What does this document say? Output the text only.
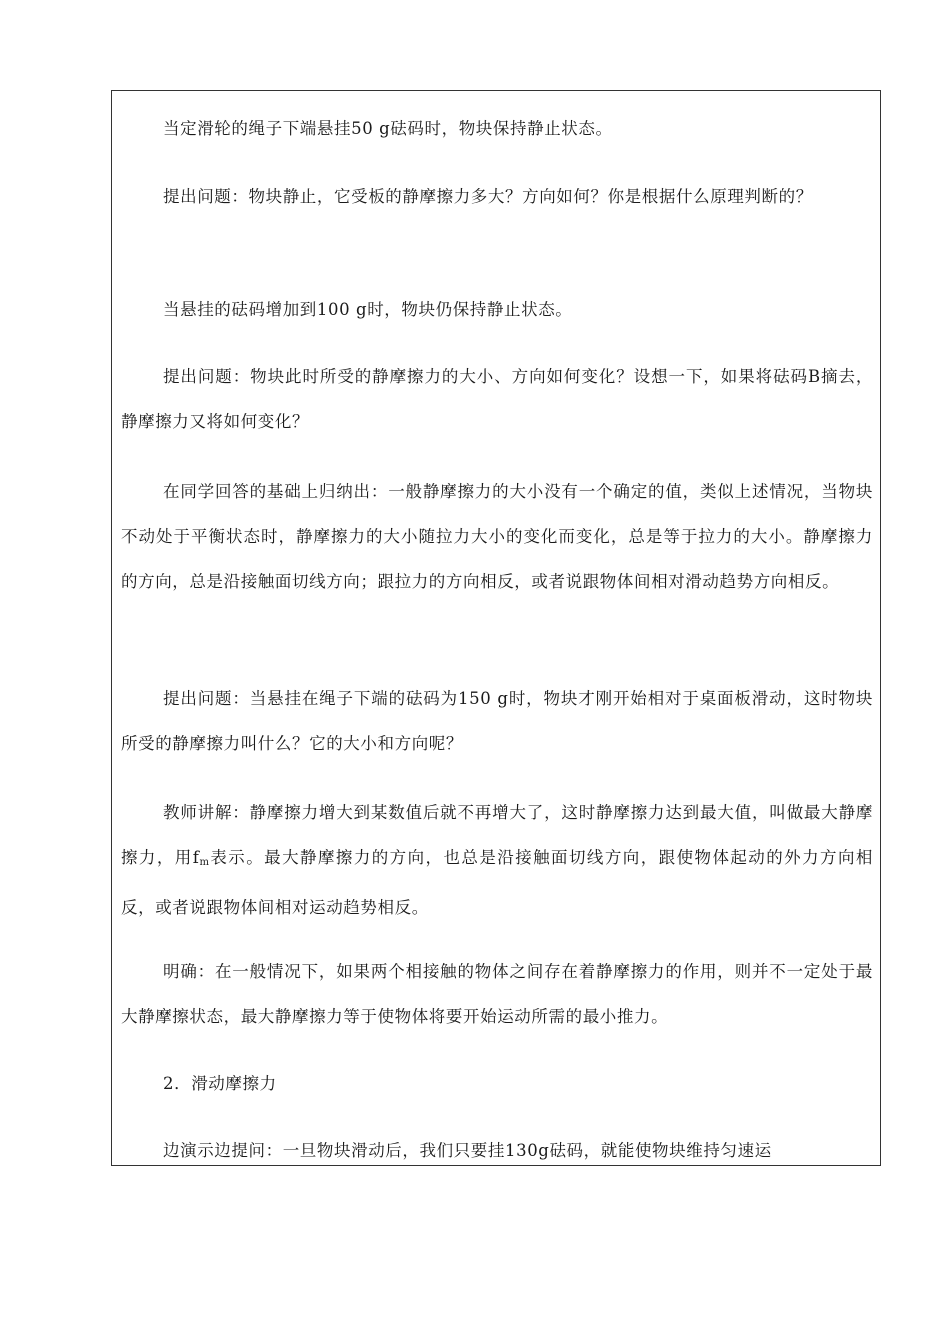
当定滑轮的绳子下端悬挂50 g砝码时，物块保持静止状态。

提出问题：物块静止，它受板的静摩擦力多大？方向如何？你是根据什么原理判断的？

当悬挂的砝码增加到100 g时，物块仍保持静止状态。

提出问题：物块此时所受的静摩擦力的大小、方向如何变化？设想一下，如果将砝码B摘去，静摩擦力又将如何变化？

在同学回答的基础上归纳出：一般静摩擦力的大小没有一个确定的值，类似上述情况，当物块不动处于平衡状态时，静摩擦力的大小随拉力大小的变化而变化，总是等于拉力的大小。静摩擦力的方向，总是沿接触面切线方向；跟拉力的方向相反，或者说跟物体间相对滑动趋势方向相反。

提出问题：当悬挂在绳子下端的砝码为150 g时，物块才刚开始相对于桌面板滑动，这时物块所受的静摩擦力叫什么？它的大小和方向呢？

教师讲解：静摩擦力增大到某数值后就不再增大了，这时静摩擦力达到最大值，叫做最大静摩擦力，用$f_m$表示。最大静摩擦力的方向，也总是沿接触面切线方向，跟使物体起动的外力方向相反，或者说跟物体间相对运动趋势相反。

明确：在一般情况下，如果两个相接触的物体之间存在着静摩擦力的作用，则并不一定处于最大静摩擦状态，最大静摩擦力等于使物体将要开始运动所需的最小推力。

2．滑动摩擦力

边演示边提问：一旦物块滑动后，我们只要挂130g砝码，就能使物块维持匀速运
